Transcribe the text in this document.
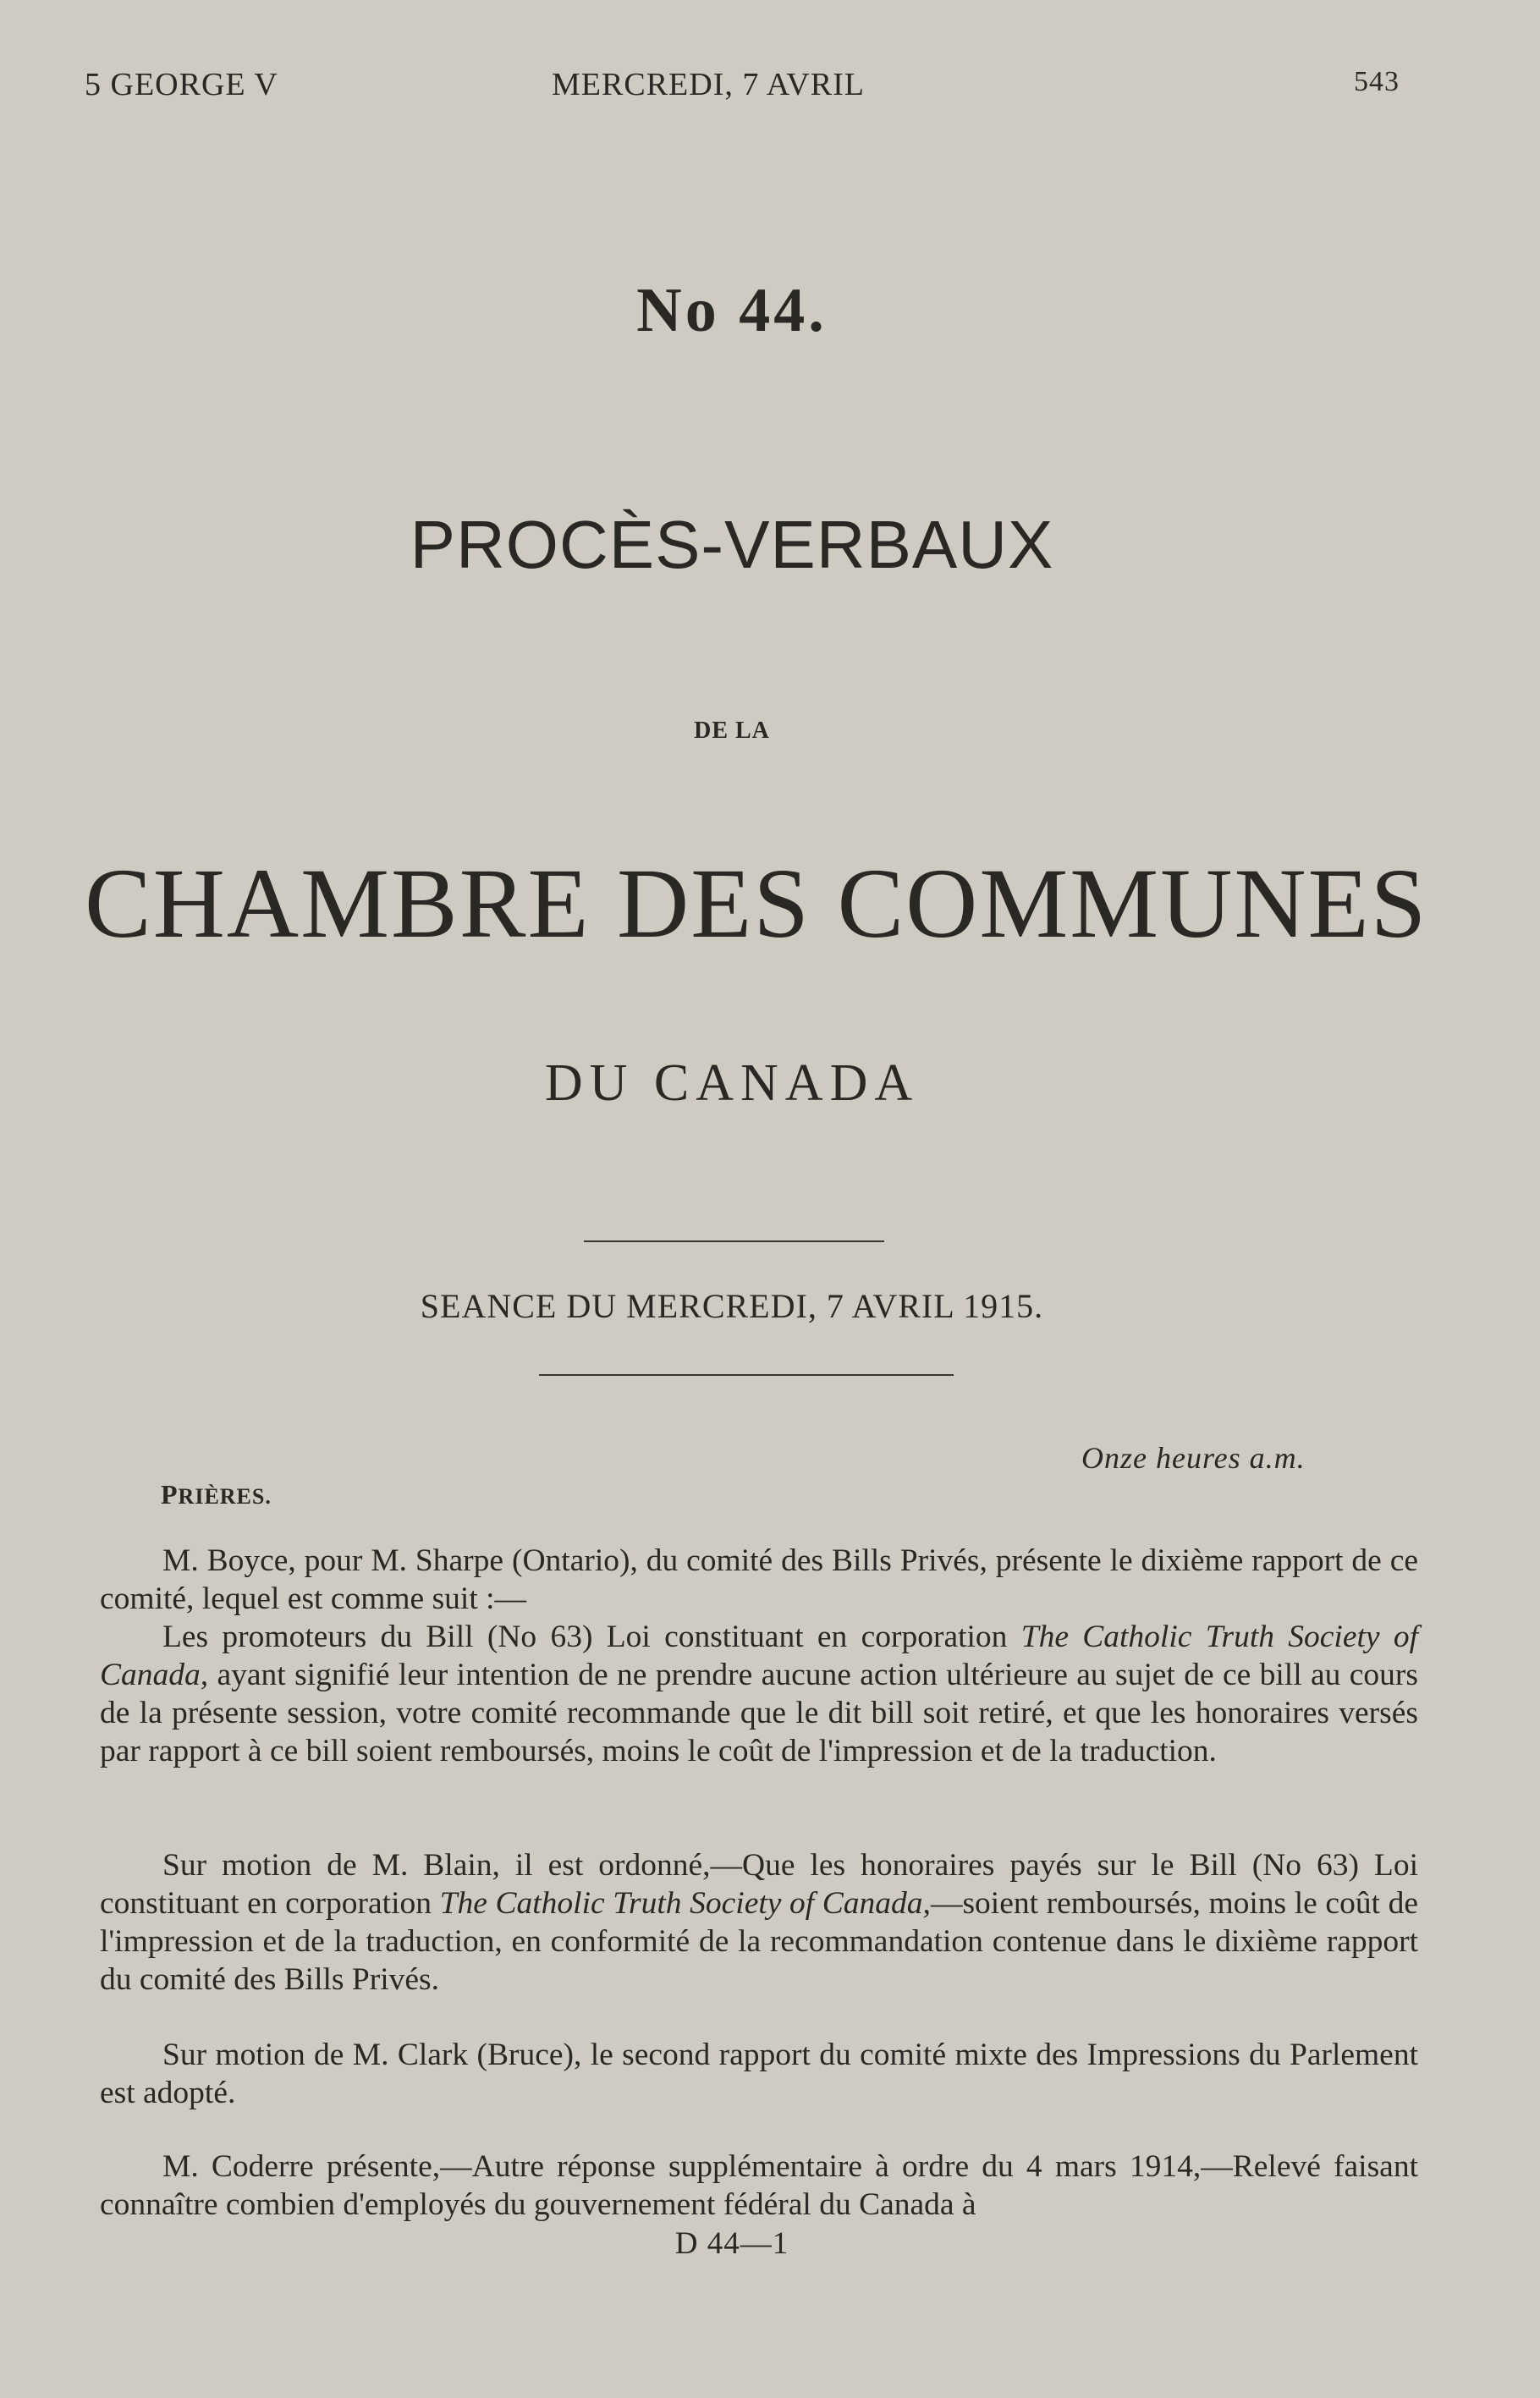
5 GEORGE V	MERCREDI, 7 AVRIL	543
No 44.
PROCÈS-VERBAUX
DE LA
CHAMBRE DES COMMUNES
DU CANADA
SEANCE DU MERCREDI, 7 AVRIL 1915.
Onze heures a.m.
PRIÈRES.

M. Boyce, pour M. Sharpe (Ontario), du comité des Bills Privés, présente le dixième rapport de ce comité, lequel est comme suit :—

Les promoteurs du Bill (No 63) Loi constituant en corporation The Catholic Truth Society of Canada, ayant signifié leur intention de ne prendre aucune action ultérieure au sujet de ce bill au cours de la présente session, votre comité recommande que le dit bill soit retiré, et que les honoraires versés par rapport à ce bill soient remboursés, moins le coût de l'impression et de la traduction.

Sur motion de M. Blain, il est ordonné,—Que les honoraires payés sur le Bill (No 63) Loi constituant en corporation The Catholic Truth Society of Canada,—soient remboursés, moins le coût de l'impression et de la traduction, en conformité de la recommandation contenue dans le dixième rapport du comité des Bills Privés.

Sur motion de M. Clark (Bruce), le second rapport du comité mixte des Impressions du Parlement est adopté.

M. Coderre présente,—Autre réponse supplémentaire à ordre du 4 mars 1914,—Relevé faisant connaître combien d'employés du gouvernement fédéral du Canada à

D 44—1
